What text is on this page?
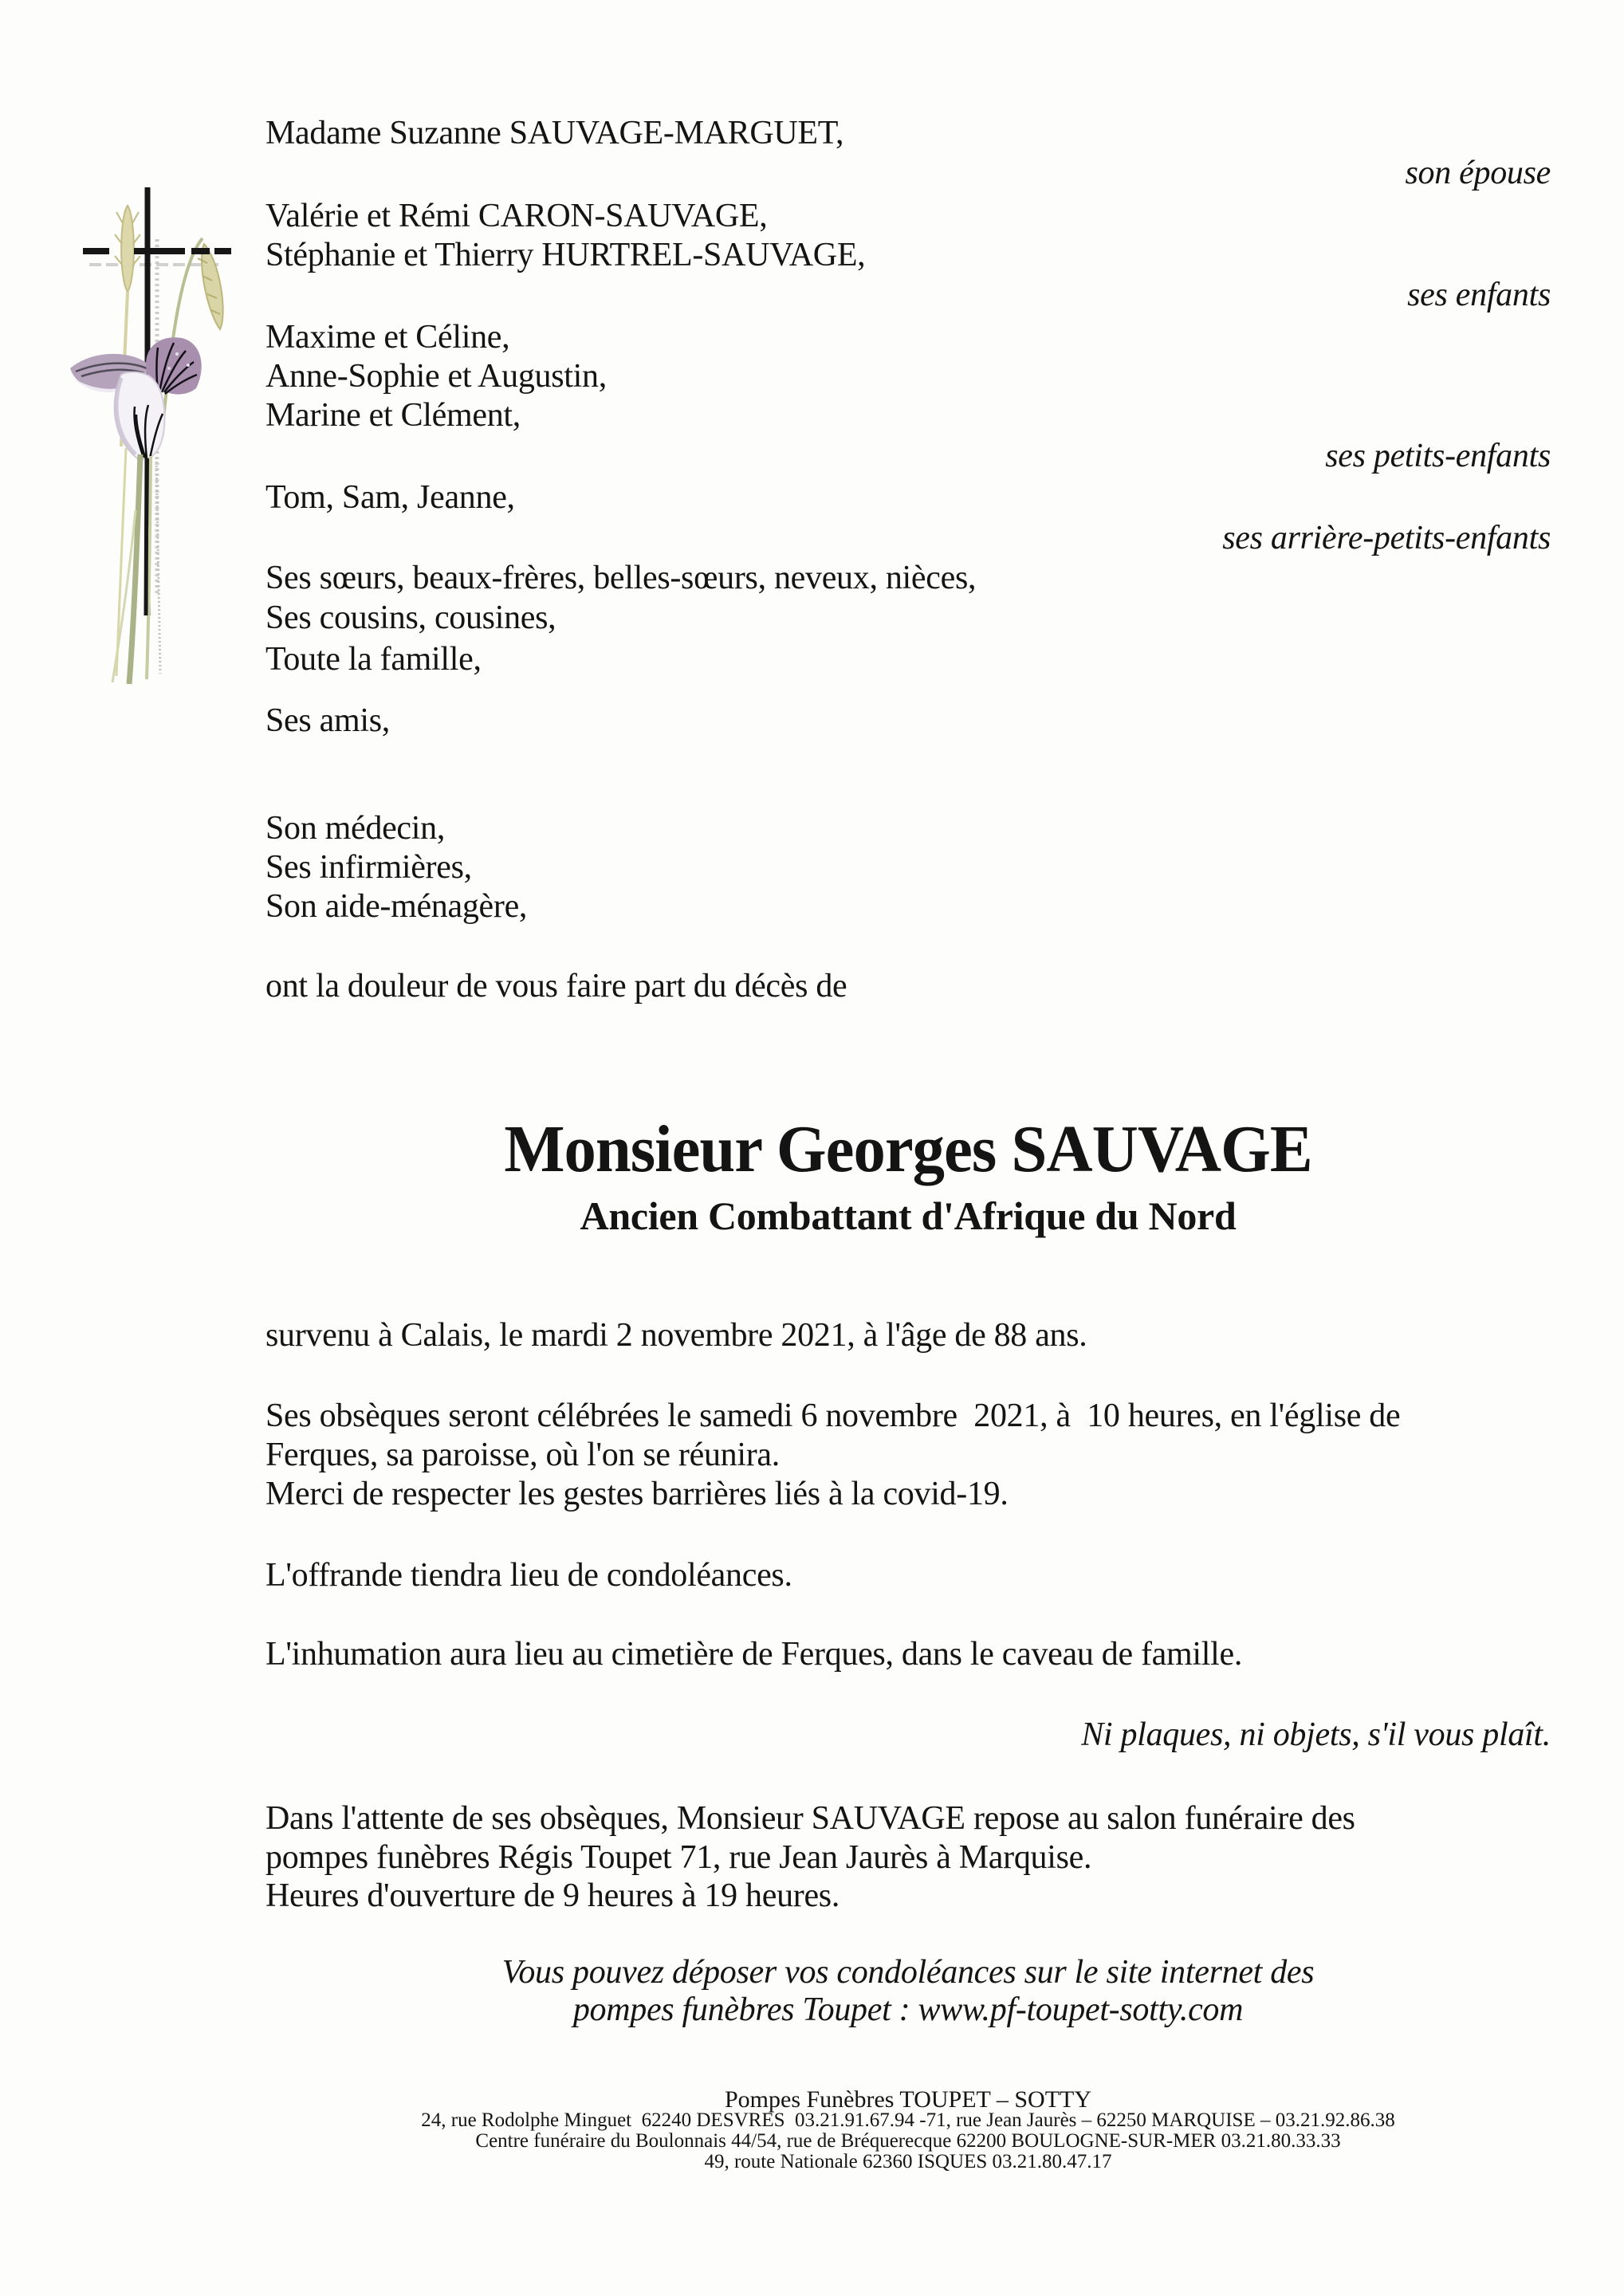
Madame Suzanne SAUVAGE-MARGUET,
son épouse
Valérie et Rémi CARON-SAUVAGE,
Stéphanie et Thierry HURTREL-SAUVAGE,
ses enfants
Maxime et Céline,
Anne-Sophie et Augustin,
Marine et Clément,
ses petits-enfants
Tom, Sam, Jeanne,
ses arrière-petits-enfants
Ses sœurs, beaux-frères, belles-sœurs, neveux, nièces,
Ses cousins, cousines,
Toute la famille,
Ses amis,
Son médecin,
Ses infirmières,
Son aide-ménagère,
ont la douleur de vous faire part du décès de
Monsieur Georges SAUVAGE
Ancien Combattant d'Afrique du Nord
survenu à Calais, le mardi 2 novembre 2021, à l'âge de 88 ans.
Ses obsèques seront célébrées le samedi 6 novembre  2021, à  10 heures, en l'église de
Ferques, sa paroisse, où l'on se réunira.
Merci de respecter les gestes barrières liés à la covid-19.
L'offrande tiendra lieu de condoléances.
L'inhumation aura lieu au cimetière de Ferques, dans le caveau de famille.
Ni plaques, ni objets, s'il vous plaît.
Dans l'attente de ses obsèques, Monsieur SAUVAGE repose au salon funéraire des
pompes funèbres Régis Toupet 71, rue Jean Jaurès à Marquise.
Heures d'ouverture de 9 heures à 19 heures.
Vous pouvez déposer vos condoléances sur le site internet des
pompes funèbres Toupet : www.pf-toupet-sotty.com
Pompes Funèbres TOUPET – SOTTY
24, rue Rodolphe Minguet  62240 DESVRES  03.21.91.67.94 -71, rue Jean Jaurès – 62250 MARQUISE – 03.21.92.86.38
Centre funéraire du Boulonnais 44/54, rue de Bréquerecque 62200 BOULOGNE-SUR-MER 03.21.80.33.33
49, route Nationale 62360 ISQUES 03.21.80.47.17
